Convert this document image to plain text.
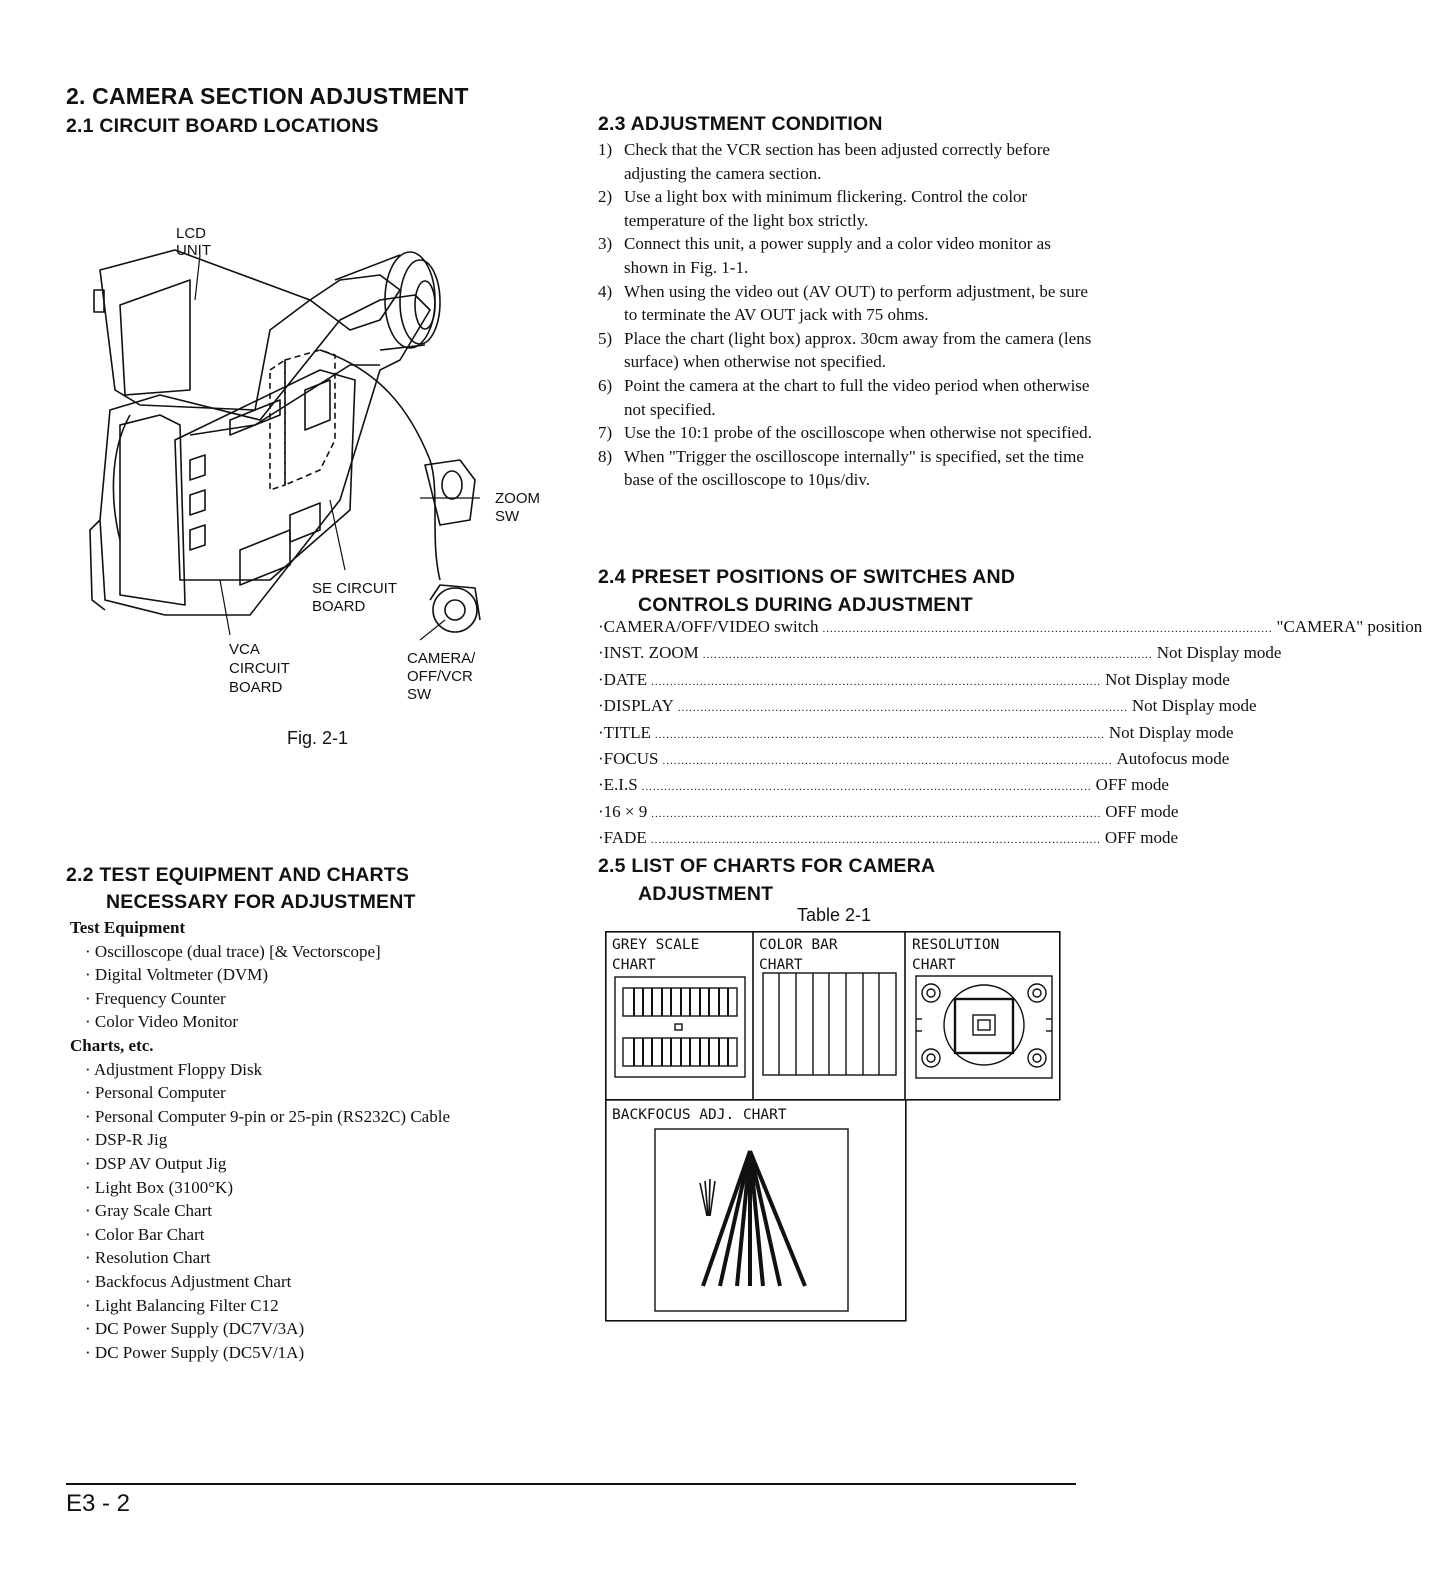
2. CAMERA SECTION ADJUSTMENT
2.1 CIRCUIT BOARD LOCATIONS
LCD
UNIT
ZOOM
SW
SE CIRCUIT
BOARD
VCA
CIRCUIT
BOARD
CAMERA/
OFF/VCR
SW
Fig. 2-1
2.2 TEST EQUIPMENT AND CHARTS
NECESSARY FOR ADJUSTMENT
Test Equipment
· Oscilloscope (dual trace) [& Vectorscope]
· Digital Voltmeter (DVM)
· Frequency Counter
· Color Video Monitor
Charts, etc.
· Adjustment Floppy Disk
· Personal Computer
· Personal Computer 9-pin or 25-pin (RS232C) Cable
· DSP-R Jig
· DSP AV Output Jig
· Light Box (3100°K)
· Gray Scale Chart
· Color Bar Chart
· Resolution Chart
· Backfocus Adjustment Chart
· Light Balancing Filter C12
· DC Power Supply (DC7V/3A)
· DC Power Supply (DC5V/1A)
2.3 ADJUSTMENT CONDITION
1) Check that the VCR section has been adjusted correctly before adjusting the camera section.
2) Use a light box with minimum flickering. Control the color temperature of the light box strictly.
3) Connect this unit, a power supply and a color video monitor as shown in Fig. 1-1.
4) When using the video out (AV OUT) to perform adjustment, be sure to terminate the AV OUT jack with 75 ohms.
5) Place the chart (light box) approx. 30cm away from the camera (lens surface) when otherwise not specified.
6) Point the camera at the chart to full the video period when otherwise not specified.
7) Use the 10:1 probe of the oscilloscope when otherwise not specified.
8) When "Trigger the oscilloscope internally" is specified, set the time base of the oscilloscope to 10μs/div.
2.4 PRESET POSITIONS OF SWITCHES AND
CONTROLS DURING ADJUSTMENT
· CAMERA/OFF/VIDEO switch ........................................................................................................................ "CAMERA" position
· INST. ZOOM ........................................................................................................................ Not Display mode
· DATE ........................................................................................................................ Not Display mode
· DISPLAY ........................................................................................................................ Not Display mode
· TITLE ........................................................................................................................ Not Display mode
· FOCUS ........................................................................................................................ Autofocus mode
· E.I.S ........................................................................................................................ OFF mode
· 16 × 9 ........................................................................................................................ OFF mode
· FADE ........................................................................................................................ OFF mode
2.5 LIST OF CHARTS FOR CAMERA
ADJUSTMENT
Table 2-1
GREY SCALE
CHART
COLOR BAR
CHART
RESOLUTION
CHART
BACKFOCUS ADJ. CHART
E3 - 2
